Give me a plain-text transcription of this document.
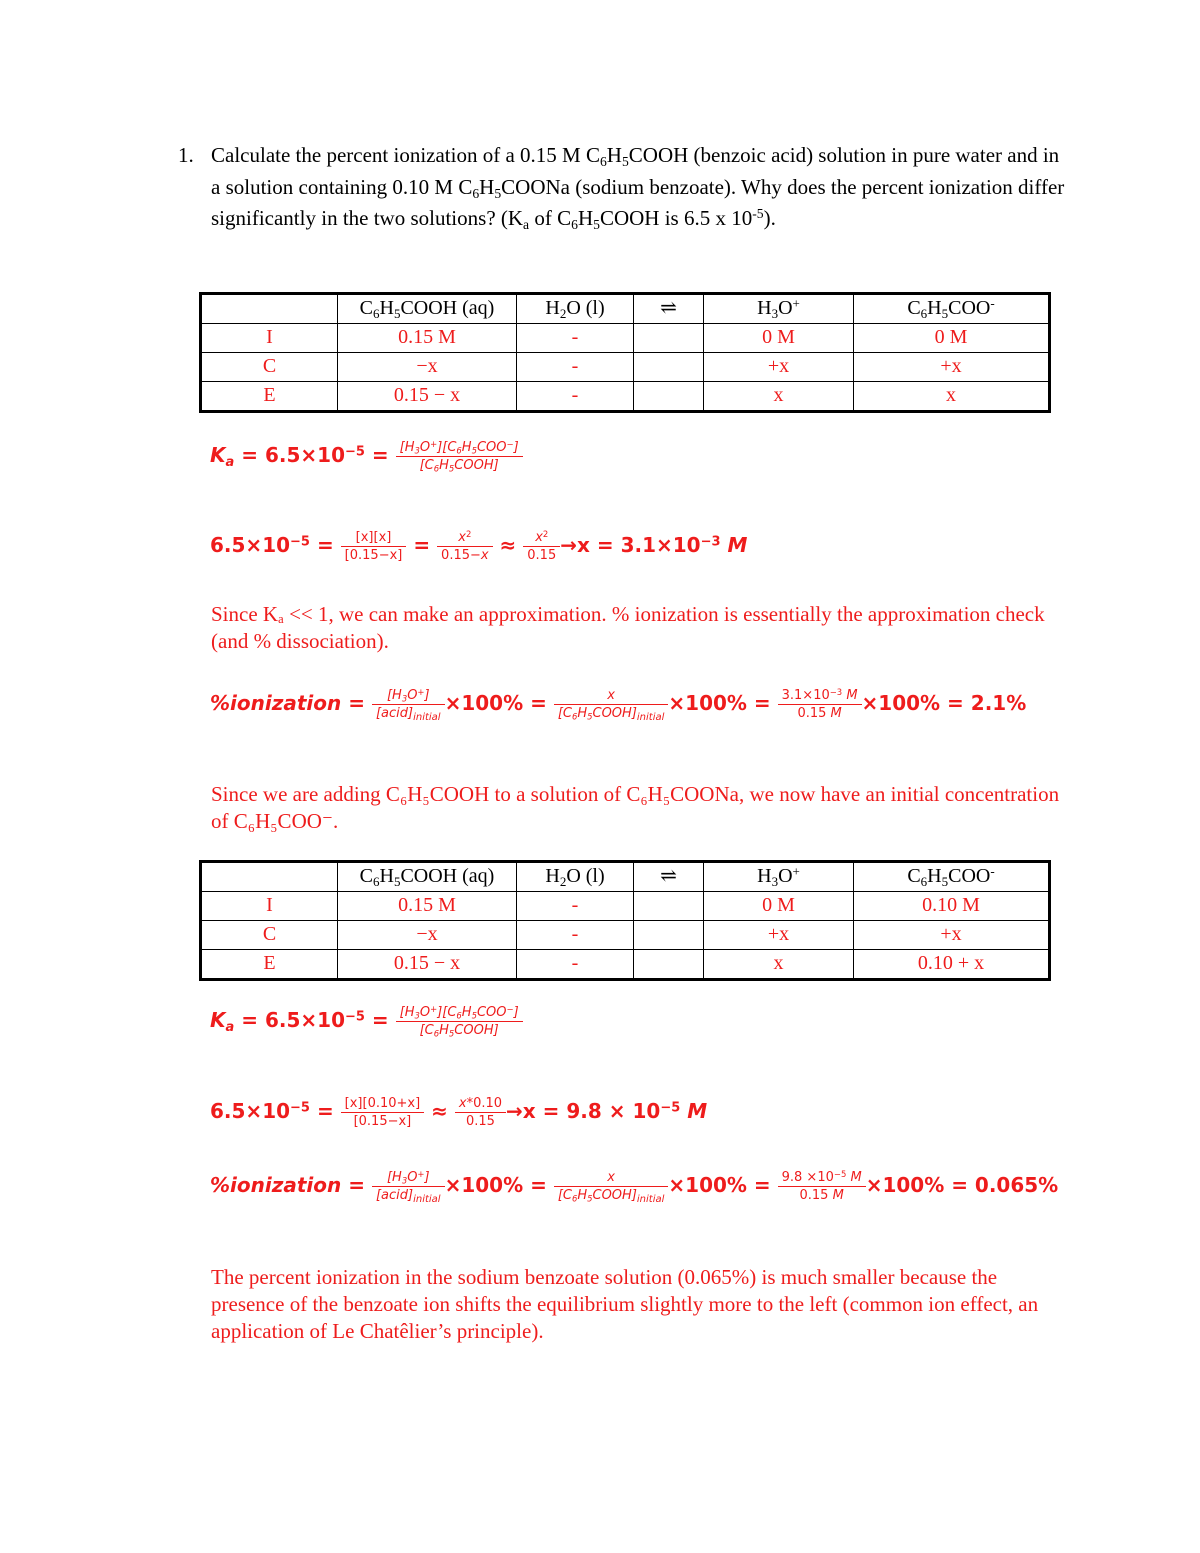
1. Calculate the percent ionization of a 0.15 M $C_6H_5COOH$ (benzoic acid) solution in pure water and in a solution containing 0.10 M $C_6H_5COONa$ (sodium benzoate). Why does the percent ionization differ significantly in the two solutions? ($K_a$ of $C_6H_5COOH$ is 6.5 x $10^{-5}$).
	$C_6H_5COOH$ (aq)	$H_2O$ (l)	⇌	$H_3O^+$	$C_6H_5COO^-$
I	0.15 M	-		0 M	0 M
C	−x	-		+x	+x
E	0.15 − x	-		x	x
$K_a = 6.5\times 10^{-5} = \frac{[H_3O^+][C_6H_5COO^-]}{[C_6H_5COOH]}$
$6.5\times 10^{-5} = \frac{[x][x]}{[0.15-x]} = \frac{x^2}{0.15-x} \approx \frac{x^2}{0.15} \to x = 3.1\times 10^{-3}$ M
Since Kₐ << 1, we can make an approximation. % ionization is essentially the approximation check (and % dissociation).
%ionization = $\frac{[H_3O^+]}{[acid]_{initial}} \times 100\% = \frac{x}{[C_6H_5COOH]_{initial}} \times 100\% = \frac{3.1\times 10^{-3} M}{0.15 M} \times 100\% = 2.1\%$
Since we are adding C₆H₅COOH to a solution of C₆H₅COONa, we now have an initial concentration of C₆H₅COO⁻.
	$C_6H_5COOH$ (aq)	$H_2O$ (l)	⇌	$H_3O^+$	$C_6H_5COO^-$
I	0.15 M	-		0 M	0.10 M
C	−x	-		+x	+x
E	0.15 − x	-		x	0.10 + x
$K_a = 6.5\times 10^{-5} = \frac{[H_3O^+][C_6H_5COO^-]}{[C_6H_5COOH]}$
$6.5\times 10^{-5} = \frac{[x][0.10+x]}{[0.15-x]} \approx \frac{x*0.10}{0.15} \to x = 9.8 \times 10^{-5}$ M
%ionization = $\frac{[H_3O^+]}{[acid]_{initial}} \times 100\% = \frac{x}{[C_6H_5COOH]_{initial}} \times 100\% = \frac{9.8 \times 10^{-5} M}{0.15 M} \times 100\% = 0.065\%$
The percent ionization in the sodium benzoate solution (0.065%) is much smaller because the presence of the benzoate ion shifts the equilibrium slightly more to the left (common ion effect, an application of Le Chatêlier’s principle).
